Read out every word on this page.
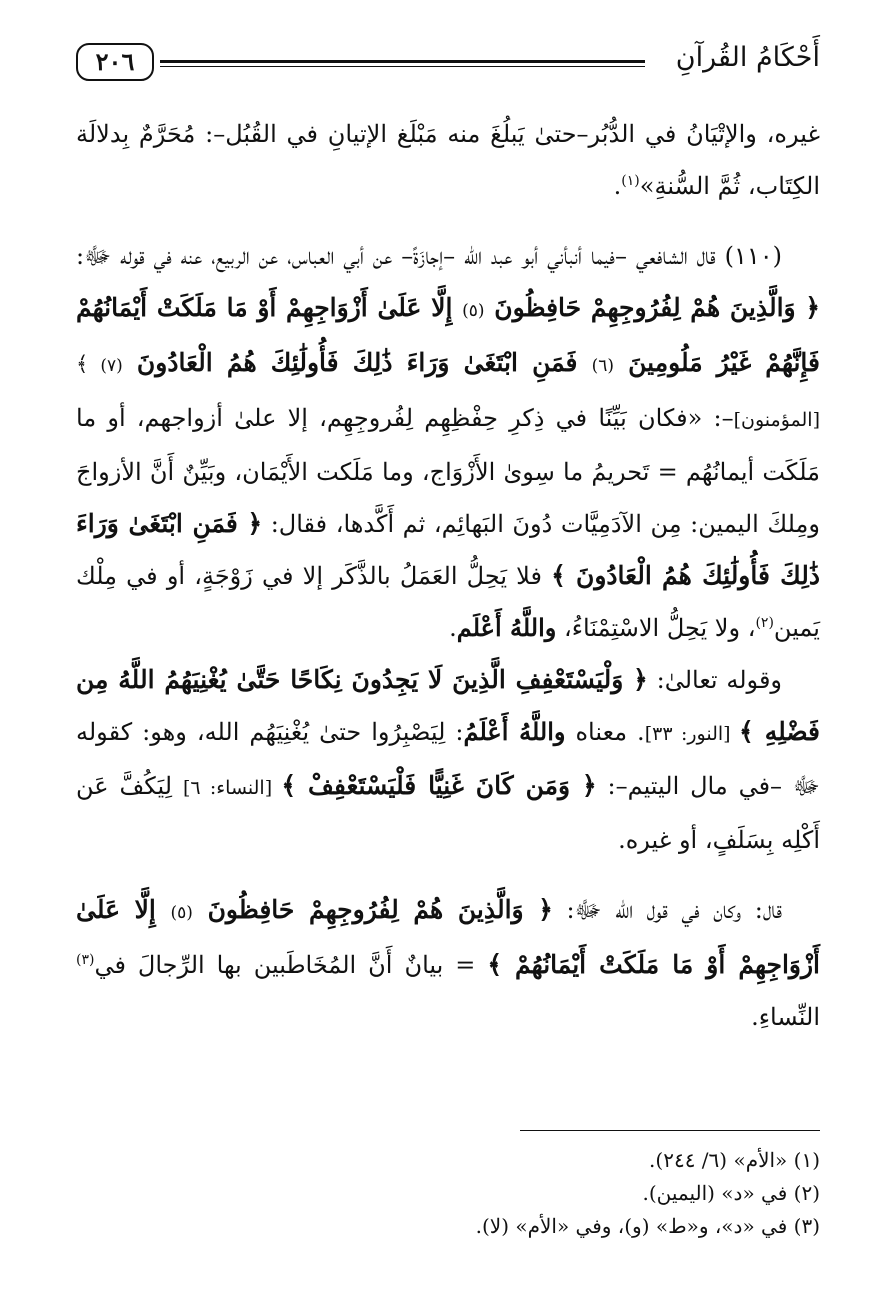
أَحْكَامُ القُرآنِ
٢٠٦

غيره، والإتْيَانُ في الدُّبُر–حتىٰ يَبلُغَ منه مَبْلَغ الإتيانِ في القُبُل–: مُحَرَّمٌ بِدلالَة الكِتَاب، ثُمَّ السُّنةِ»$^{(١)}$.

(١١٠) قال الشافعي –فيما أنبأني أبو عبد الله –إجازَةً– عن أبي العباس، عن الربيع، عنه في قوله ﷻ: ﴿ وَالَّذِينَ هُمْ لِفُرُوجِهِمْ حَافِظُونَ (٥) إِلَّا عَلَىٰ أَزْوَاجِهِمْ أَوْ مَا مَلَكَتْ أَيْمَانُهُمْ فَإِنَّهُمْ غَيْرُ مَلُومِينَ (٦) فَمَنِ ابْتَغَىٰ وَرَاءَ ذَٰلِكَ فَأُولَٰئِكَ هُمُ الْعَادُونَ (٧) ﴾ [المؤمنون]–: «فكان بَيِّنًا في ذِكرِ حِفْظِهِم لِفُروجِهِم، إلا علىٰ أزواجهم، أو ما مَلَكَت أيمانُهُم = تَحريمُ ما سِوىٰ الأَزْوَاج، وما مَلَكت الأَيْمَان، وبَيِّنٌ أَنَّ الأزواجَ ومِلكَ اليمين: مِن الآدَمِيَّات دُونَ البَهائِم، ثم أَكَّدها، فقال: ﴿ فَمَنِ ابْتَغَىٰ وَرَاءَ ذَٰلِكَ فَأُولَٰئِكَ هُمُ الْعَادُونَ ﴾ فلا يَحِلُّ العَمَلُ بالذَّكَر إلا في زَوْجَةٍ، أو في مِلْك يَمين$^{(٢)}$، ولا يَحِلُّ الاسْتِمْنَاءُ، واللَّهُ أَعْلَم.

وقوله تعالىٰ: ﴿ وَلْيَسْتَعْفِفِ الَّذِينَ لَا يَجِدُونَ نِكَاحًا حَتَّىٰ يُغْنِيَهُمُ اللَّهُ مِن فَضْلِهِ ﴾ [النور: ٣٣]. معناه واللَّهُ أَعْلَمُ: لِيَصْبِرُوا حتىٰ يُغْنِيَهُم الله، وهو: كقوله ﷻ –في مال اليتيم–: ﴿ وَمَن كَانَ غَنِيًّا فَلْيَسْتَعْفِفْ ﴾ [النساء: ٦] لِيَكُفَّ عَن أَكْلِه بِسَلَفٍ، أو غيره.

قال: وكان في قول الله ﷻ: ﴿ وَالَّذِينَ هُمْ لِفُرُوجِهِمْ حَافِظُونَ (٥) إِلَّا عَلَىٰ أَزْوَاجِهِمْ أَوْ مَا مَلَكَتْ أَيْمَانُهُمْ ﴾ = بيانٌ أَنَّ المُخَاطَبين بها الرِّجالَ في$^{(٣)}$ النِّساءِ.

(١) «الأم» (٦/ ٢٤٤).

(٢) في «د» (اليمين).

(٣) في «د»، و«ط» (و)، وفي «الأم» (لا).
